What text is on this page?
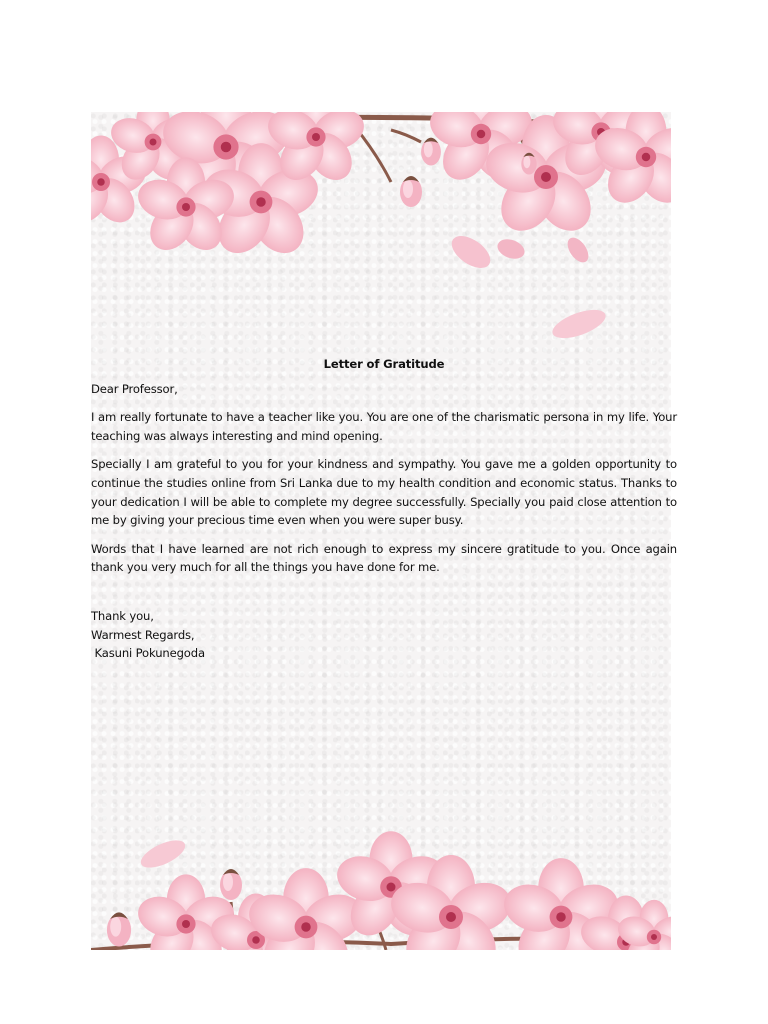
Letter of Gratitude

Dear Professor,

I am really fortunate to have a teacher like you. You are one of the charismatic persona in my life. Your teaching was always interesting and mind opening.

Specially I am grateful to you for your kindness and sympathy. You gave me a golden opportunity to continue the studies online from Sri Lanka due to my health condition and economic status. Thanks to your dedication I will be able to complete my degree successfully. Specially you paid close attention to me by giving your precious time even when you were super busy.

Words that I have learned are not rich enough to express my sincere gratitude to you. Once again thank you very much for all the things you have done for me.

Thank you,
Warmest Regards,
Kasuni Pokunegoda
